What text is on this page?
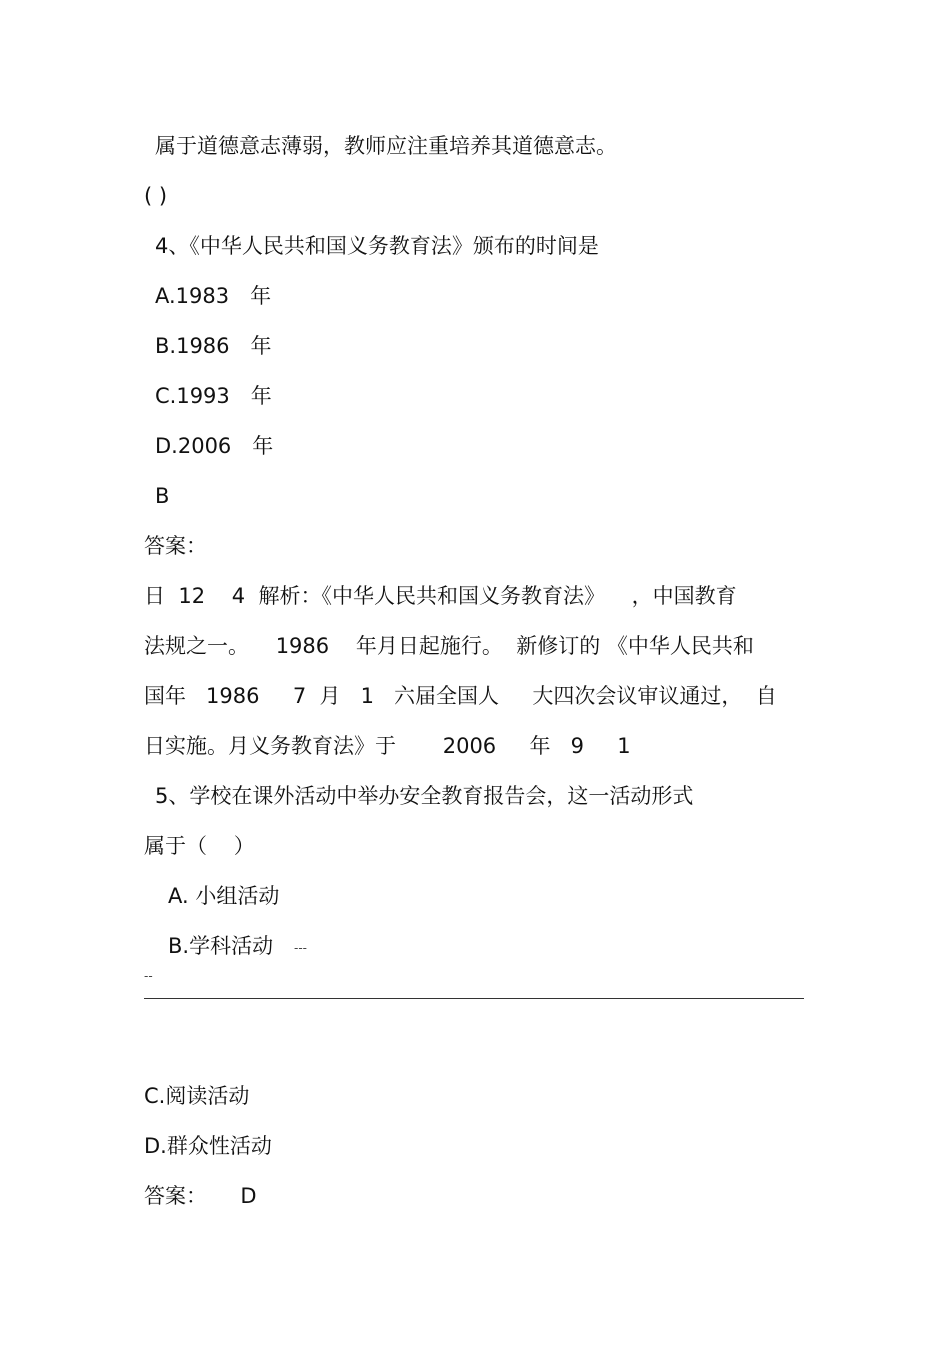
属于道德意志薄弱，教师应注重培养其道德意志。
( )
4、《中华人民共和国义务教育法》颁布的时间是
A.1983　年
B.1986　年
C.1993　年
D.2006　年
B
答案：
日  12    4  解析：《中华人民共和国义务教育法》    ，中国教育
法规之一。    1986    年月日起施行。  新修订的 《中华人民共和
国年   1986     7  月   1   六届全国人     大四次会议审议通过，  自
日实施。月义务教育法》于       2006     年   9     1
5、学校在课外活动中举办安全教育报告会，这一活动形式
属于（    ）
A. 小组活动
B.学科活动 ---
--
C.阅读活动
D.群众性活动
答案：     D
